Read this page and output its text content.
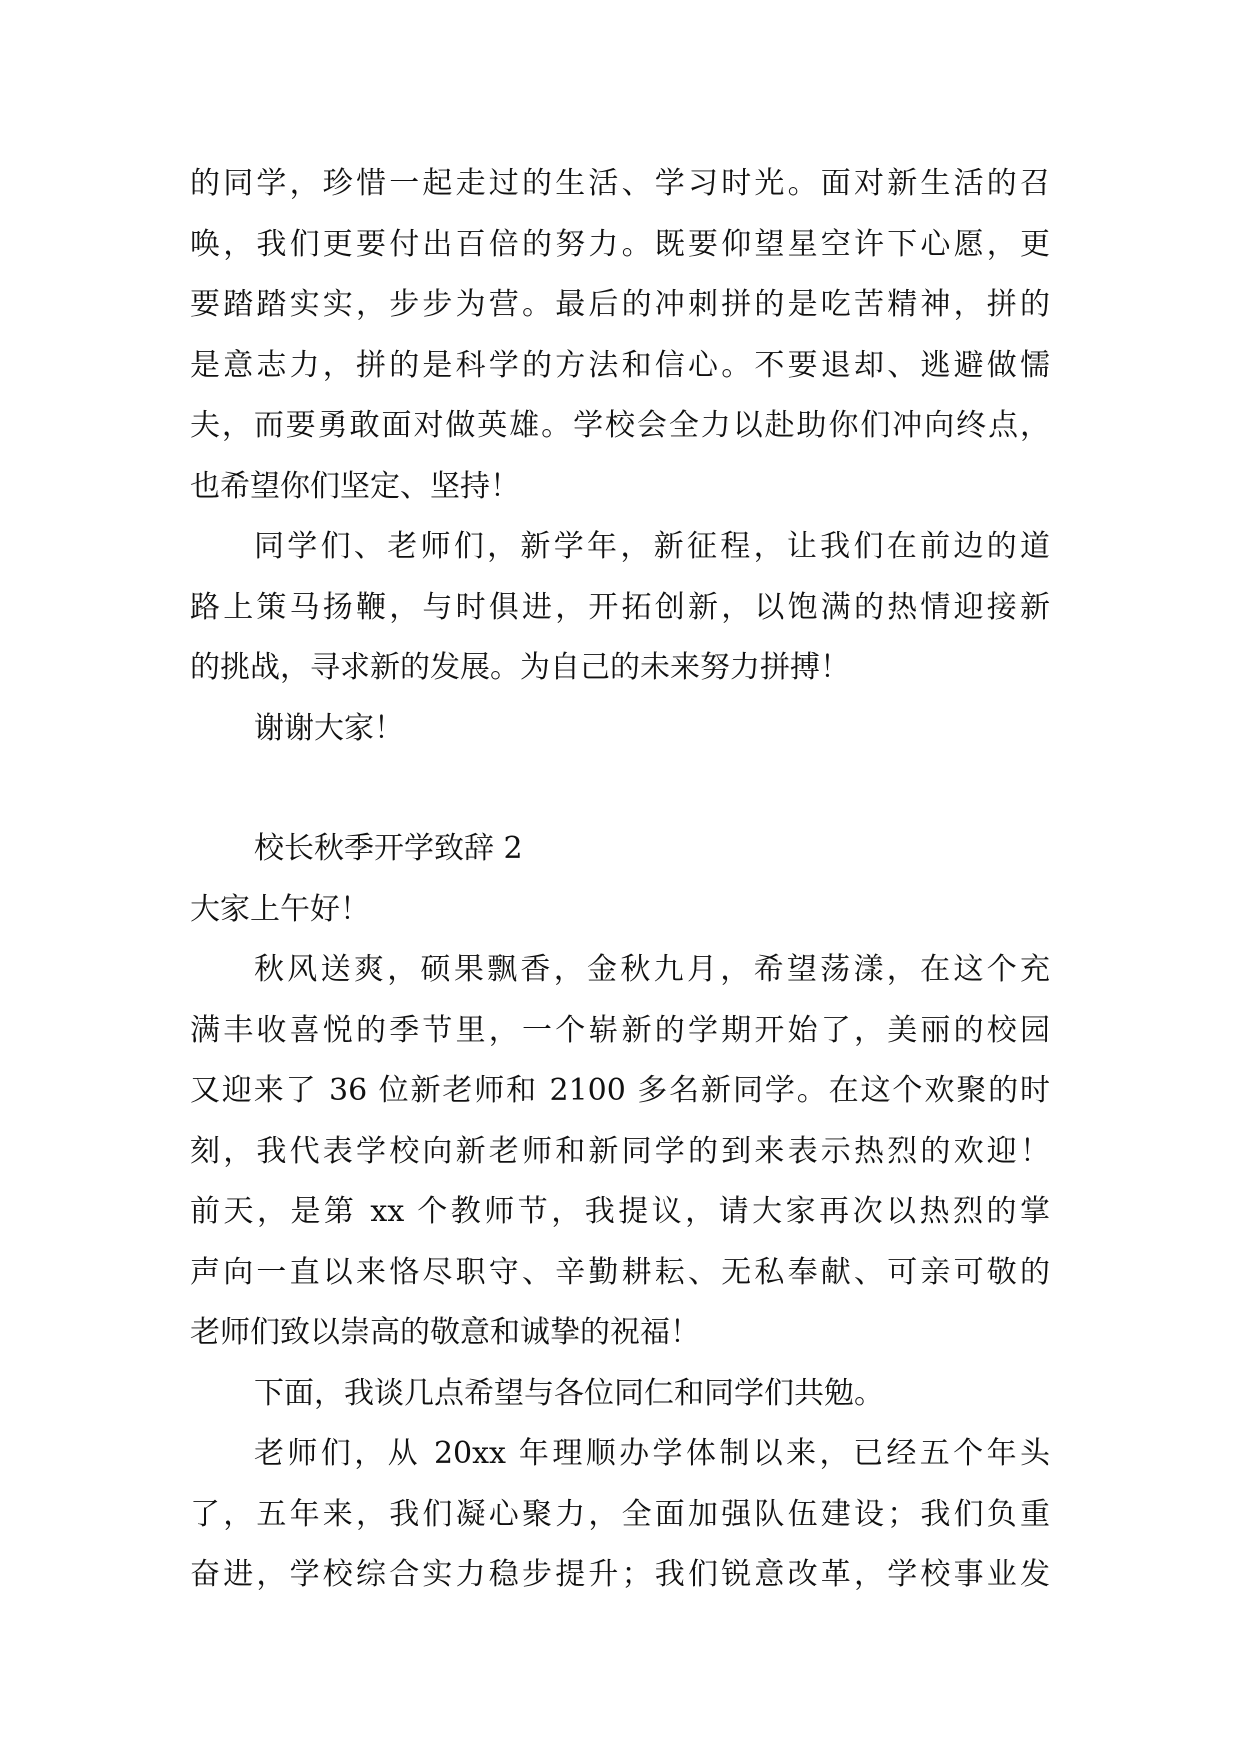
的同学，珍惜一起走过的生活、学习时光。面对新生活的召
唤，我们更要付出百倍的努力。既要仰望星空许下心愿，更
要踏踏实实，步步为营。最后的冲刺拼的是吃苦精神，拼的
是意志力，拼的是科学的方法和信心。不要退却、逃避做懦
夫，而要勇敢面对做英雄。学校会全力以赴助你们冲向终点，
也希望你们坚定、坚持！
同学们、老师们，新学年，新征程，让我们在前边的道
路上策马扬鞭，与时俱进，开拓创新，以饱满的热情迎接新
的挑战，寻求新的发展。为自己的未来努力拼搏！
谢谢大家！
校长秋季开学致辞 2
大家上午好！
秋风送爽，硕果飘香，金秋九月，希望荡漾，在这个充
满丰收喜悦的季节里，一个崭新的学期开始了，美丽的校园
又迎来了 36 位新老师和 2100 多名新同学。在这个欢聚的时
刻，我代表学校向新老师和新同学的到来表示热烈的欢迎！
前天，是第 xx 个教师节，我提议，请大家再次以热烈的掌
声向一直以来恪尽职守、辛勤耕耘、无私奉献、可亲可敬的
老师们致以崇高的敬意和诚挚的祝福！
下面，我谈几点希望与各位同仁和同学们共勉。
老师们，从 20xx 年理顺办学体制以来，已经五个年头
了，五年来，我们凝心聚力，全面加强队伍建设；我们负重
奋进，学校综合实力稳步提升；我们锐意改革，学校事业发
